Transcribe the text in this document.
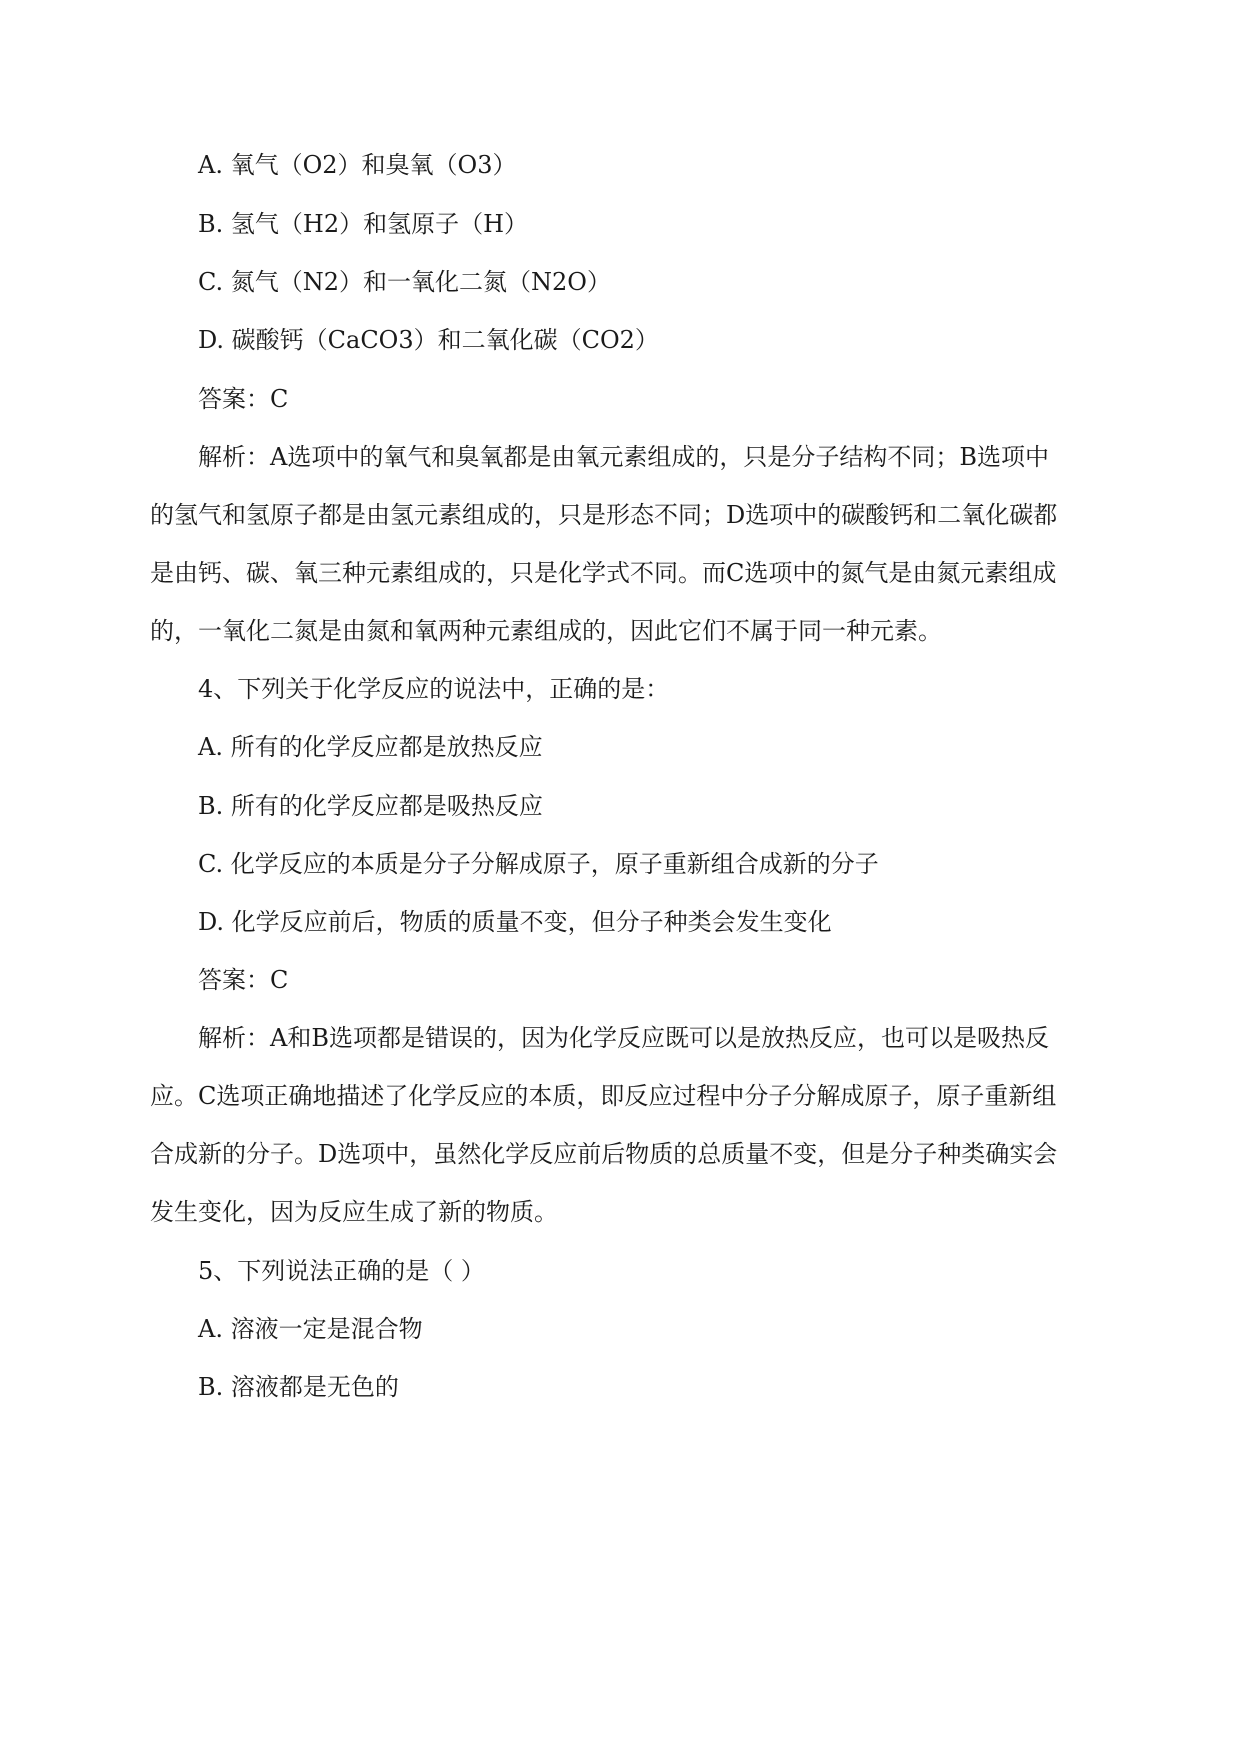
A. 氧气（O2）和臭氧（O3）
B. 氢气（H2）和氢原子（H）
C. 氮气（N2）和一氧化二氮（N2O）
D. 碳酸钙（CaCO3）和二氧化碳（CO2）
答案：C
解析：A选项中的氧气和臭氧都是由氧元素组成的，只是分子结构不同；B选项中
的氢气和氢原子都是由氢元素组成的，只是形态不同；D选项中的碳酸钙和二氧化碳都
是由钙、碳、氧三种元素组成的，只是化学式不同。而C选项中的氮气是由氮元素组成
的，一氧化二氮是由氮和氧两种元素组成的，因此它们不属于同一种元素。
4、下列关于化学反应的说法中，正确的是：
A. 所有的化学反应都是放热反应
B. 所有的化学反应都是吸热反应
C. 化学反应的本质是分子分解成原子，原子重新组合成新的分子
D. 化学反应前后，物质的质量不变，但分子种类会发生变化
答案：C
解析：A和B选项都是错误的，因为化学反应既可以是放热反应，也可以是吸热反
应。C选项正确地描述了化学反应的本质，即反应过程中分子分解成原子，原子重新组
合成新的分子。D选项中，虽然化学反应前后物质的总质量不变，但是分子种类确实会
发生变化，因为反应生成了新的物质。
5、下列说法正确的是（ ）
A. 溶液一定是混合物
B. 溶液都是无色的
